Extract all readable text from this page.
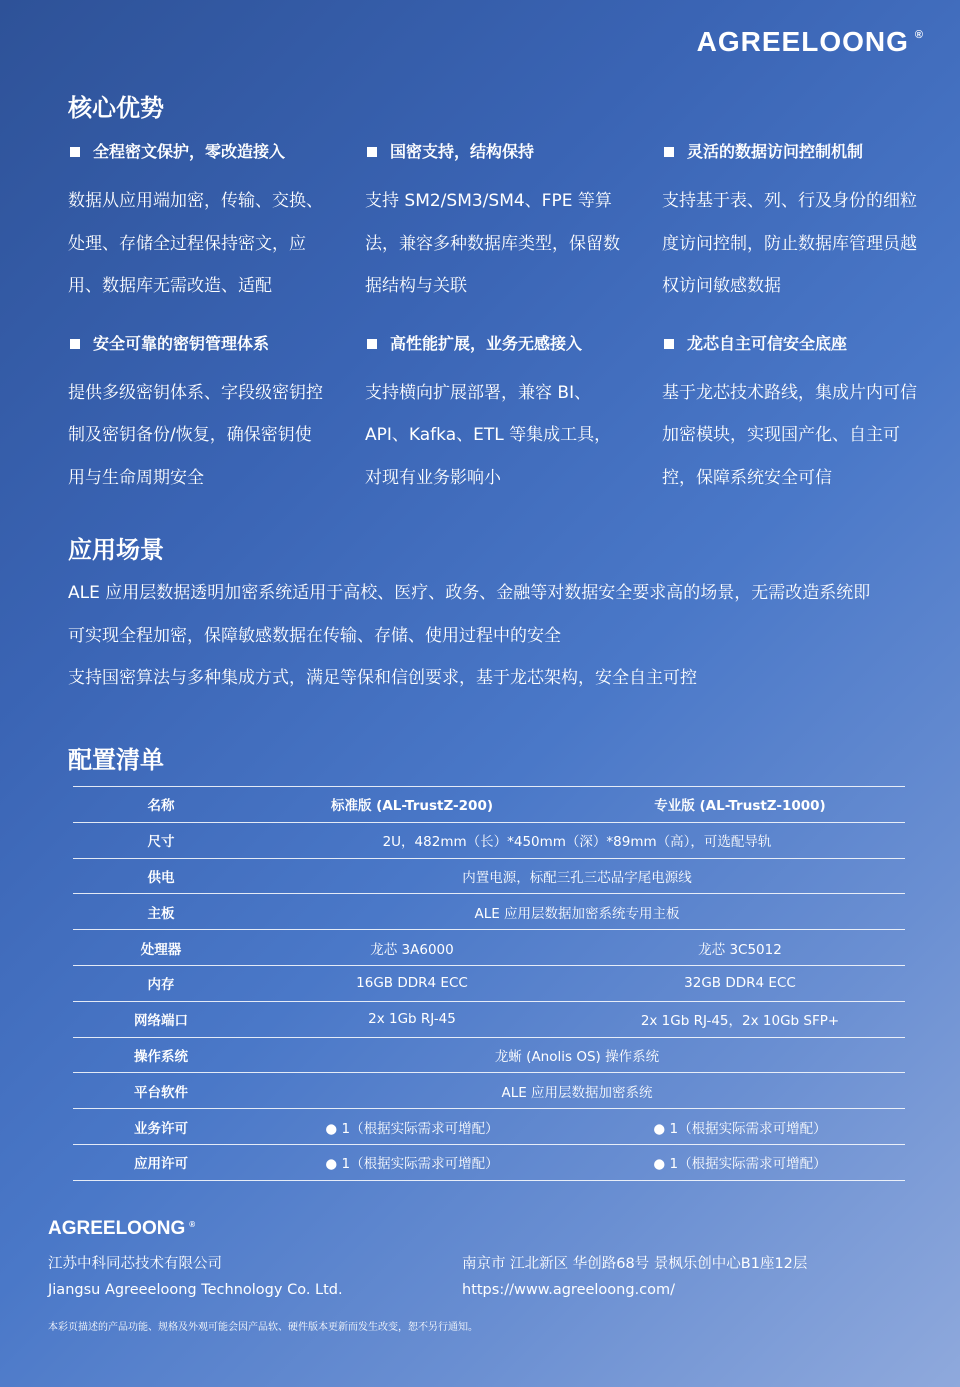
AGREELOONG ®
核心优势
全程密文保护，零改造接入
数据从应用端加密，传输、交换、处理、存储全过程保持密文，应用、数据库无需改造、适配
国密支持，结构保持
支持 SM2/SM3/SM4、FPE 等算法，兼容多种数据库类型，保留数据结构与关联
灵活的数据访问控制机制
支持基于表、列、行及身份的细粒度访问控制，防止数据库管理员越权访问敏感数据
安全可靠的密钥管理体系
提供多级密钥体系、字段级密钥控制及密钥备份/恢复，确保密钥使用与生命周期安全
高性能扩展，业务无感接入
支持横向扩展部署，兼容 BI、API、Kafka、ETL 等集成工具，对现有业务影响小
龙芯自主可信安全底座
基于龙芯技术路线，集成片内可信加密模块，实现国产化、自主可控，保障系统安全可信
应用场景
ALE 应用层数据透明加密系统适用于高校、医疗、政务、金融等对数据安全要求高的场景，无需改造系统即
可实现全程加密，保障敏感数据在传输、存储、使用过程中的安全
支持国密算法与多种集成方式，满足等保和信创要求，基于龙芯架构，安全自主可控
配置清单
名称	标准版 (AL-TrustZ-200)	专业版 (AL-TrustZ-1000)
尺寸	2U，482mm（长）*450mm（深）*89mm（高），可选配导轨	
供电	内置电源，标配三孔三芯品字尾电源线	
主板	ALE 应用层数据加密系统专用主板	
处理器	龙芯 3A6000	龙芯 3C5012
内存	16GB DDR4 ECC	32GB DDR4 ECC
网络端口	2x 1Gb RJ-45	2x 1Gb RJ-45，2x 10Gb SFP+
操作系统	龙蜥 (Anolis OS) 操作系统	
平台软件	ALE 应用层数据加密系统	
业务许可	● 1（根据实际需求可增配）	● 1（根据实际需求可增配）
应用许可	● 1（根据实际需求可增配）	● 1（根据实际需求可增配）
AGREELOONG ®
江苏中科同芯技术有限公司
Jiangsu Agreeeloong Technology Co. Ltd.
南京市 江北新区 华创路68号 景枫乐创中心B1座12层
https://www.agreeloong.com/
本彩页描述的产品功能、规格及外观可能会因产品软、硬件版本更新而发生改变，恕不另行通知。
